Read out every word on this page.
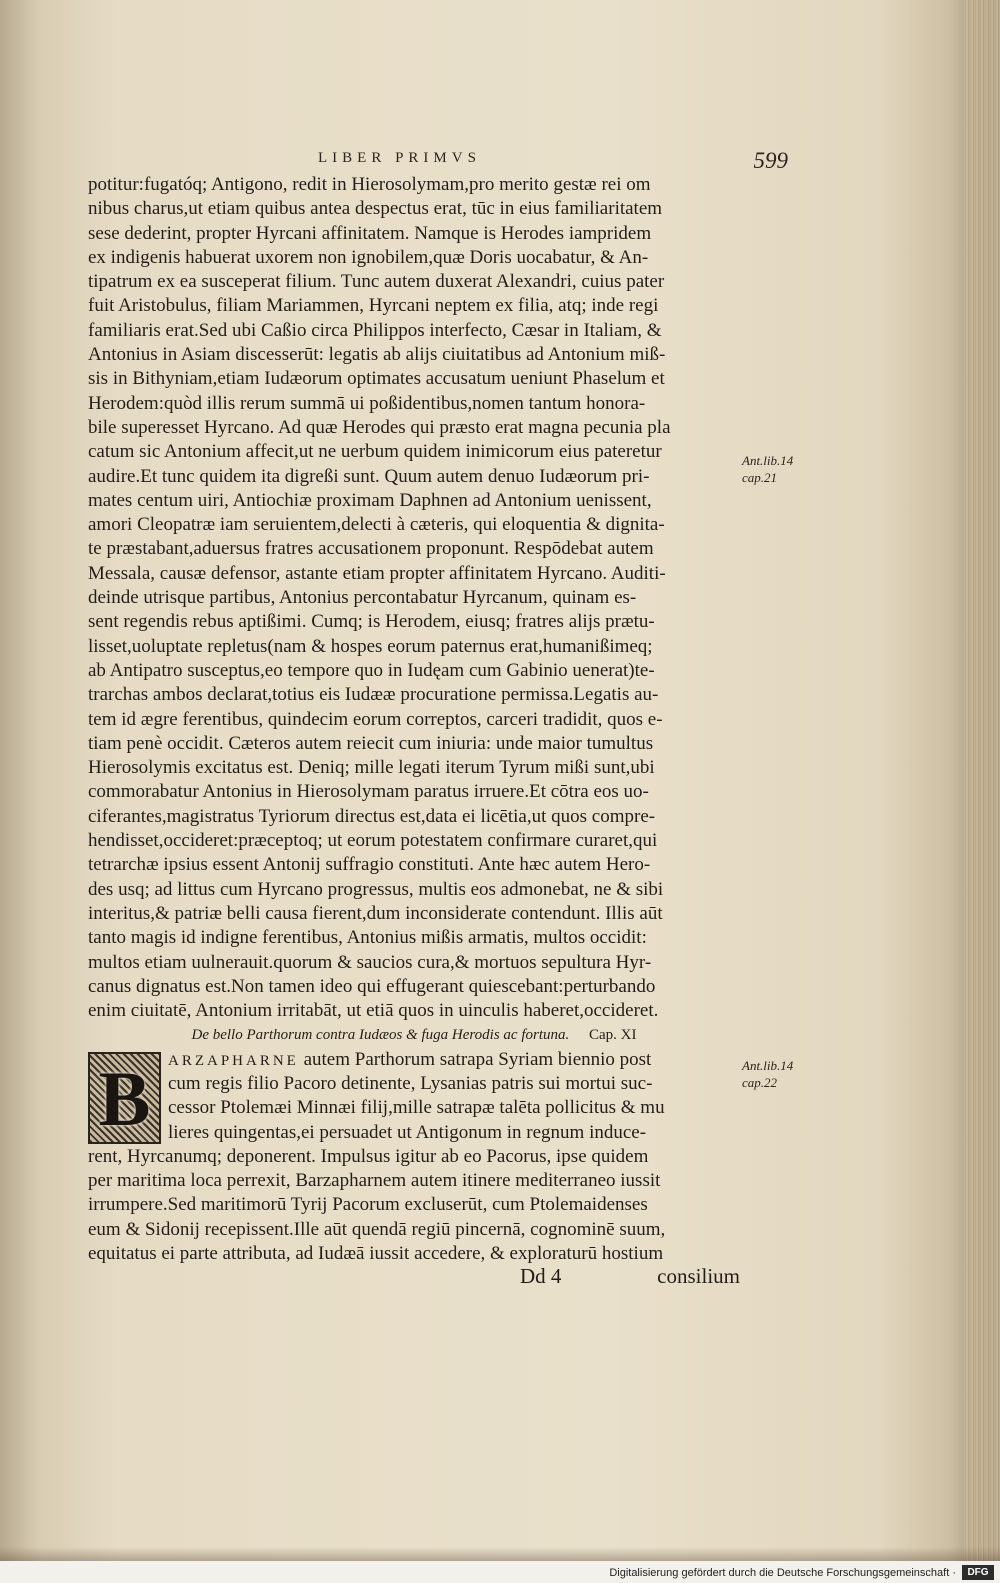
LIBER PRIMVS	599
potitur:fugatóq; Antigono, redit in Hierosolymam,pro merito gestæ rei om
nibus charus,ut etiam quibus antea despectus erat, tūc in eius familiaritatem
sese dederint, propter Hyrcani affinitatem. Namque is Herodes iampridem
ex indigenis habuerat uxorem non ignobilem,quæ Doris uocabatur, & An-
tipatrum ex ea susceperat filium. Tunc autem duxerat Alexandri, cuius pater
fuit Aristobulus, filiam Mariammen, Hyrcani neptem ex filia, atq; inde regi
familiaris erat.Sed ubi Caßio circa Philippos interfecto, Cæsar in Italiam, &
Antonius in Asiam discesserūt: legatis ab alijs ciuitatibus ad Antonium miß-
sis in Bithyniam,etiam Iudæorum optimates accusatum ueniunt Phaselum et
Herodem:quòd illis rerum summā ui poßidentibus,nomen tantum honora-
bile superesset Hyrcano. Ad quæ Herodes qui præsto erat magna pecunia pla
catum sic Antonium affecit,ut ne uerbum quidem inimicorum eius pateretur
audire.Et tunc quidem ita digreßi sunt. Quum autem denuo Iudæorum pri-
mates centum uiri, Antiochiæ proximam Daphnen ad Antonium uenissent,
amori Cleopatræ iam seruientem,delecti à cæteris, qui eloquentia & dignita-
te præstabant,aduersus fratres accusationem proponunt. Respōdebat autem
Messala, causæ defensor, astante etiam propter affinitatem Hyrcano. Auditi-
deinde utrisque partibus, Antonius percontabatur Hyrcanum, quinam es-
sent regendis rebus aptißimi. Cumq; is Herodem, eiusq; fratres alijs prætu-
lisset,uoluptate repletus(nam & hospes eorum paternus erat,humanißimeq;
ab Antipatro susceptus,eo tempore quo in Iudęam cum Gabinio uenerat)te-
trarchas ambos declarat,totius eis Iudææ procuratione permissa.Legatis au-
tem id ægre ferentibus, quindecim eorum correptos, carceri tradidit, quos e-
tiam penè occidit. Cæteros autem reiecit cum iniuria: unde maior tumultus
Hierosolymis excitatus est. Deniq; mille legati iterum Tyrum mißi sunt,ubi
commorabatur Antonius in Hierosolymam paratus irruere.Et cōtra eos uo-
ciferantes,magistratus Tyriorum directus est,data ei licētia,ut quos compre-
hendisset,occideret:præceptoq; ut eorum potestatem confirmare curaret,qui
tetrarchæ ipsius essent Antonij suffragio constituti. Ante hæc autem Hero-
des usq; ad littus cum Hyrcano progressus, multis eos admonebat, ne & sibi
interitus,& patriæ belli causa fierent,dum inconsiderate contendunt. Illis aūt
tanto magis id indigne ferentibus, Antonius mißis armatis, multos occidit:
multos etiam uulnerauit.quorum & saucios cura,& mortuos sepultura Hyr-
canus dignatus est.Non tamen ideo qui effugerant quiescebant:perturbando
enim ciuitatē, Antonium irritabāt, ut etiā quos in uinculis haberet,occideret.
De bello Parthorum contra Iudæos & fuga Herodis ac fortuna. Cap. XI
B	ARZAPHARNE autem Parthorum satrapa Syriam biennio post
cum regis filio Pacoro detinente, Lysanias patris sui mortui suc-
cessor Ptolemæi Minnæi filij,mille satrapæ talēta pollicitus & mu
lieres quingentas,ei persuadet ut Antigonum in regnum induce-
rent, Hyrcanumq; deponerent. Impulsus igitur ab eo Pacorus, ipse quidem
per maritima loca perrexit, Barzapharnem autem itinere mediterraneo iussit
irrumpere.Sed maritimorū Tyrij Pacorum excluserūt, cum Ptolemaidenses
eum & Sidonij recepissent.Ille aūt quendā regiū pincernā, cognominē suum,
equitatus ei parte attributa, ad Iudæā iussit accedere, & exploraturū hostium
Ant.lib.14
cap.21
Ant.lib.14
cap.22
Dd 4	consilium
Digitalisierung gefördert durch die Deutsche Forschungsgemeinschaft ·	DFG
